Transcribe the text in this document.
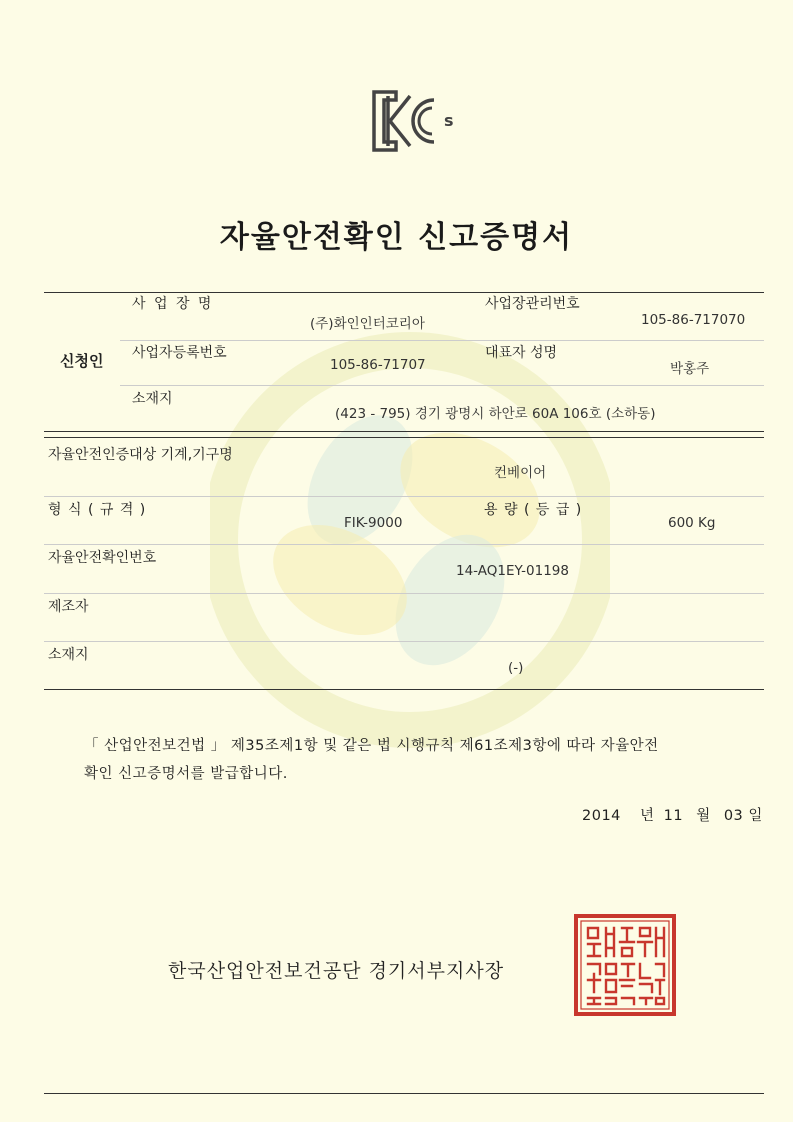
s
자율안전확인 신고증명서
신청인
사 업 장 명
(주)화인인터코리아
사업장관리번호
105-86-717070
사업자등록번호
105-86-71707
대표자 성명
박홍주
소재지
(423 - 795) 경기 광명시 하안로 60A 106호 (소하동)
자율안전인증대상 기계,기구명
컨베이어
형 식 ( 규 격 )
FIK-9000
용 량 ( 등 급 )
600 Kg
자율안전확인번호
14-AQ1EY-01198
제조자
소재지
(-)
「 산업안전보건법 」 제35조제1항 및 같은 법 시행규칙 제61조제3항에 따라 자율안전
확인 신고증명서를 발급합니다.
2014 년 11 월 03 일
한국산업안전보건공단 경기서부지사장
